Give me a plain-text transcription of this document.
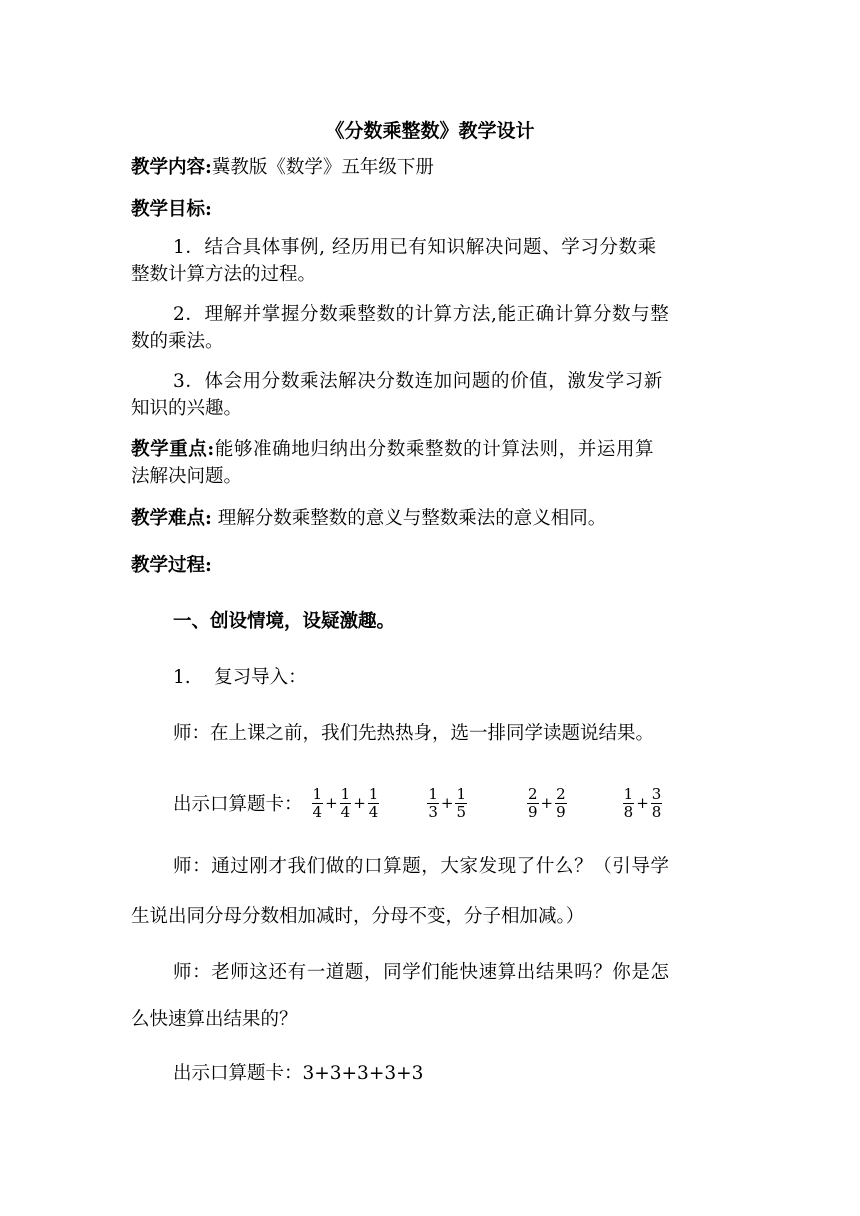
《分数乘整数》教学设计
教学内容:冀教版《数学》五年级下册
教学目标:
1．结合具体事例, 经历用已有知识解决问题、学习分数乘
整数计算方法的过程。
2．理解并掌握分数乘整数的计算方法,能正确计算分数与整
数的乘法。
3．体会用分数乘法解决分数连加问题的价值，激发学习新
知识的兴趣。
教学重点:能够准确地归纳出分数乘整数的计算法则，并运用算
法解决问题。
教学难点: 理解分数乘整数的意义与整数乘法的意义相同。
教学过程:
一、创设情境，设疑激趣。
1.    复习导入：
师：在上课之前，我们先热热身，选一排同学读题说结果。
出示口算题卡： $\frac{1}{4} + \frac{1}{4} + \frac{1}{4}$	$\frac{1}{3} + \frac{1}{5}$	$\frac{2}{9} + \frac{2}{9}$	$\frac{1}{8} + \frac{3}{8}$
师：通过刚才我们做的口算题，大家发现了什么？（引导学
生说出同分母分数相加减时，分母不变，分子相加减。）
师：老师这还有一道题，同学们能快速算出结果吗？你是怎
么快速算出结果的？
出示口算题卡：3+3+3+3+3
